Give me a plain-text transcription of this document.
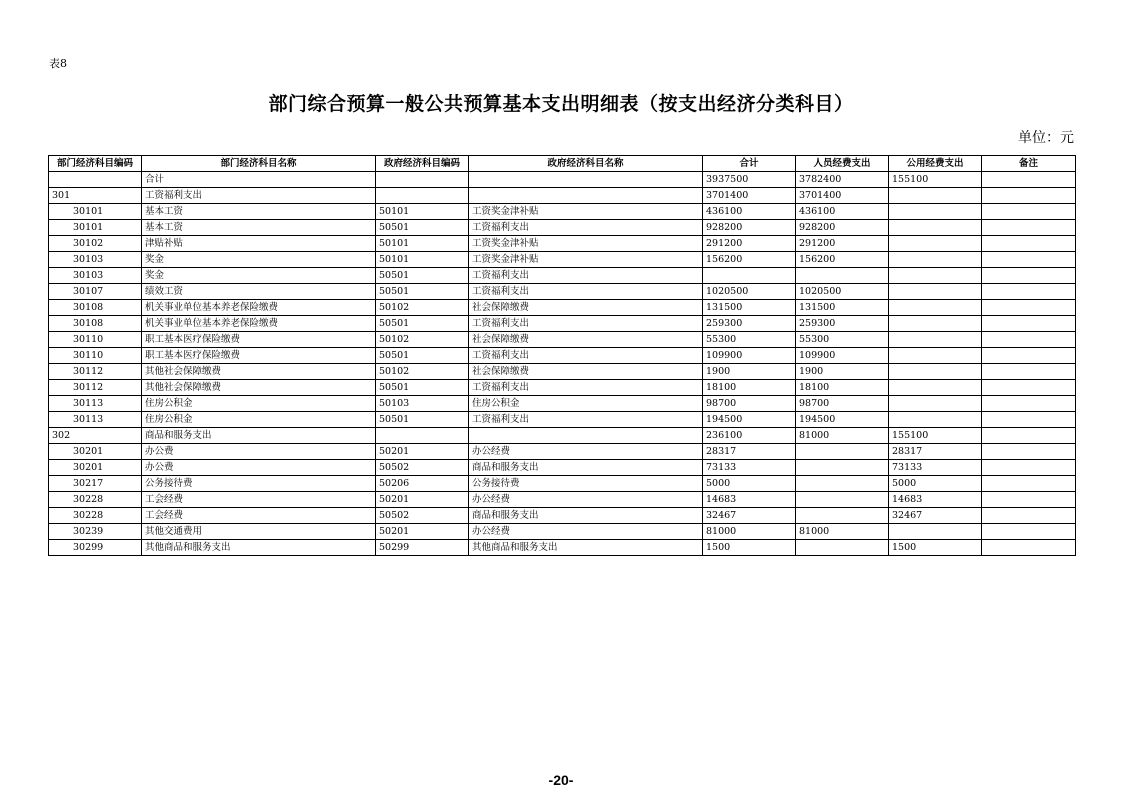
表8
部门综合预算一般公共预算基本支出明细表（按支出经济分类科目）
单位：元
部门经济科目编码	部门经济科目名称	政府经济科目编码	政府经济科目名称	合计	人员经费支出	公用经费支出	备注
	合计			3937500	3782400	155100	
301	工资福利支出			3701400	3701400		
30101	基本工资	50101	工资奖金津补贴	436100	436100		
30101	基本工资	50501	工资福利支出	928200	928200		
30102	津贴补贴	50101	工资奖金津补贴	291200	291200		
30103	奖金	50101	工资奖金津补贴	156200	156200		
30103	奖金	50501	工资福利支出				
30107	绩效工资	50501	工资福利支出	1020500	1020500		
30108	机关事业单位基本养老保险缴费	50102	社会保障缴费	131500	131500		
30108	机关事业单位基本养老保险缴费	50501	工资福利支出	259300	259300		
30110	职工基本医疗保险缴费	50102	社会保障缴费	55300	55300		
30110	职工基本医疗保险缴费	50501	工资福利支出	109900	109900		
30112	其他社会保障缴费	50102	社会保障缴费	1900	1900		
30112	其他社会保障缴费	50501	工资福利支出	18100	18100		
30113	住房公积金	50103	住房公积金	98700	98700		
30113	住房公积金	50501	工资福利支出	194500	194500		
302	商品和服务支出			236100	81000	155100	
30201	办公费	50201	办公经费	28317		28317	
30201	办公费	50502	商品和服务支出	73133		73133	
30217	公务接待费	50206	公务接待费	5000		5000	
30228	工会经费	50201	办公经费	14683		14683	
30228	工会经费	50502	商品和服务支出	32467		32467	
30239	其他交通费用	50201	办公经费	81000	81000		
30299	其他商品和服务支出	50299	其他商品和服务支出	1500		1500	
-20-
